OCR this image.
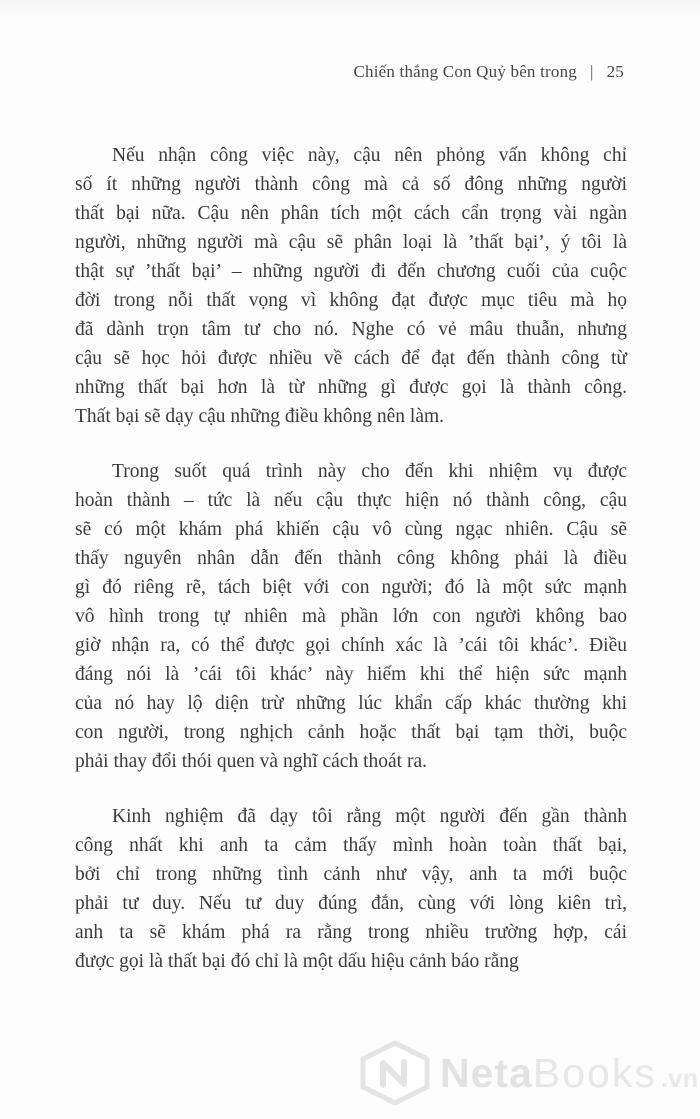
Chiến thắng Con Quỷ bên trong | 25
Nếu nhận công việc này, cậu nên phỏng vấn không chỉ
số ít những người thành công mà cả số đông những người
thất bại nữa. Cậu nên phân tích một cách cẩn trọng vài ngàn
người, những người mà cậu sẽ phân loại là ’thất bại’, ý tôi là
thật sự ’thất bại’ – những người đi đến chương cuối của cuộc
đời trong nỗi thất vọng vì không đạt được mục tiêu mà họ
đã dành trọn tâm tư cho nó. Nghe có vẻ mâu thuẫn, nhưng
cậu sẽ học hỏi được nhiều về cách để đạt đến thành công từ
những thất bại hơn là từ những gì được gọi là thành công.
Thất bại sẽ dạy cậu những điều không nên làm.
Trong suốt quá trình này cho đến khi nhiệm vụ được
hoàn thành – tức là nếu cậu thực hiện nó thành công, cậu
sẽ có một khám phá khiến cậu vô cùng ngạc nhiên. Cậu sẽ
thấy nguyên nhân dẫn đến thành công không phải là điều
gì đó riêng rẽ, tách biệt với con người; đó là một sức mạnh
vô hình trong tự nhiên mà phần lớn con người không bao
giờ nhận ra, có thể được gọi chính xác là ’cái tôi khác’. Điều
đáng nói là ’cái tôi khác’ này hiếm khi thể hiện sức mạnh
của nó hay lộ diện trừ những lúc khẩn cấp khác thường khi
con người, trong nghịch cảnh hoặc thất bại tạm thời, buộc
phải thay đổi thói quen và nghĩ cách thoát ra.
Kinh nghiệm đã dạy tôi rằng một người đến gần thành
công nhất khi anh ta cảm thấy mình hoàn toàn thất bại,
bởi chỉ trong những tình cảnh như vậy, anh ta mới buộc
phải tư duy. Nếu tư duy đúng đắn, cùng với lòng kiên trì,
anh ta sẽ khám phá ra rằng trong nhiều trường hợp, cái
được gọi là thất bại đó chỉ là một dấu hiệu cảnh báo rằng
Neta Books .vn
